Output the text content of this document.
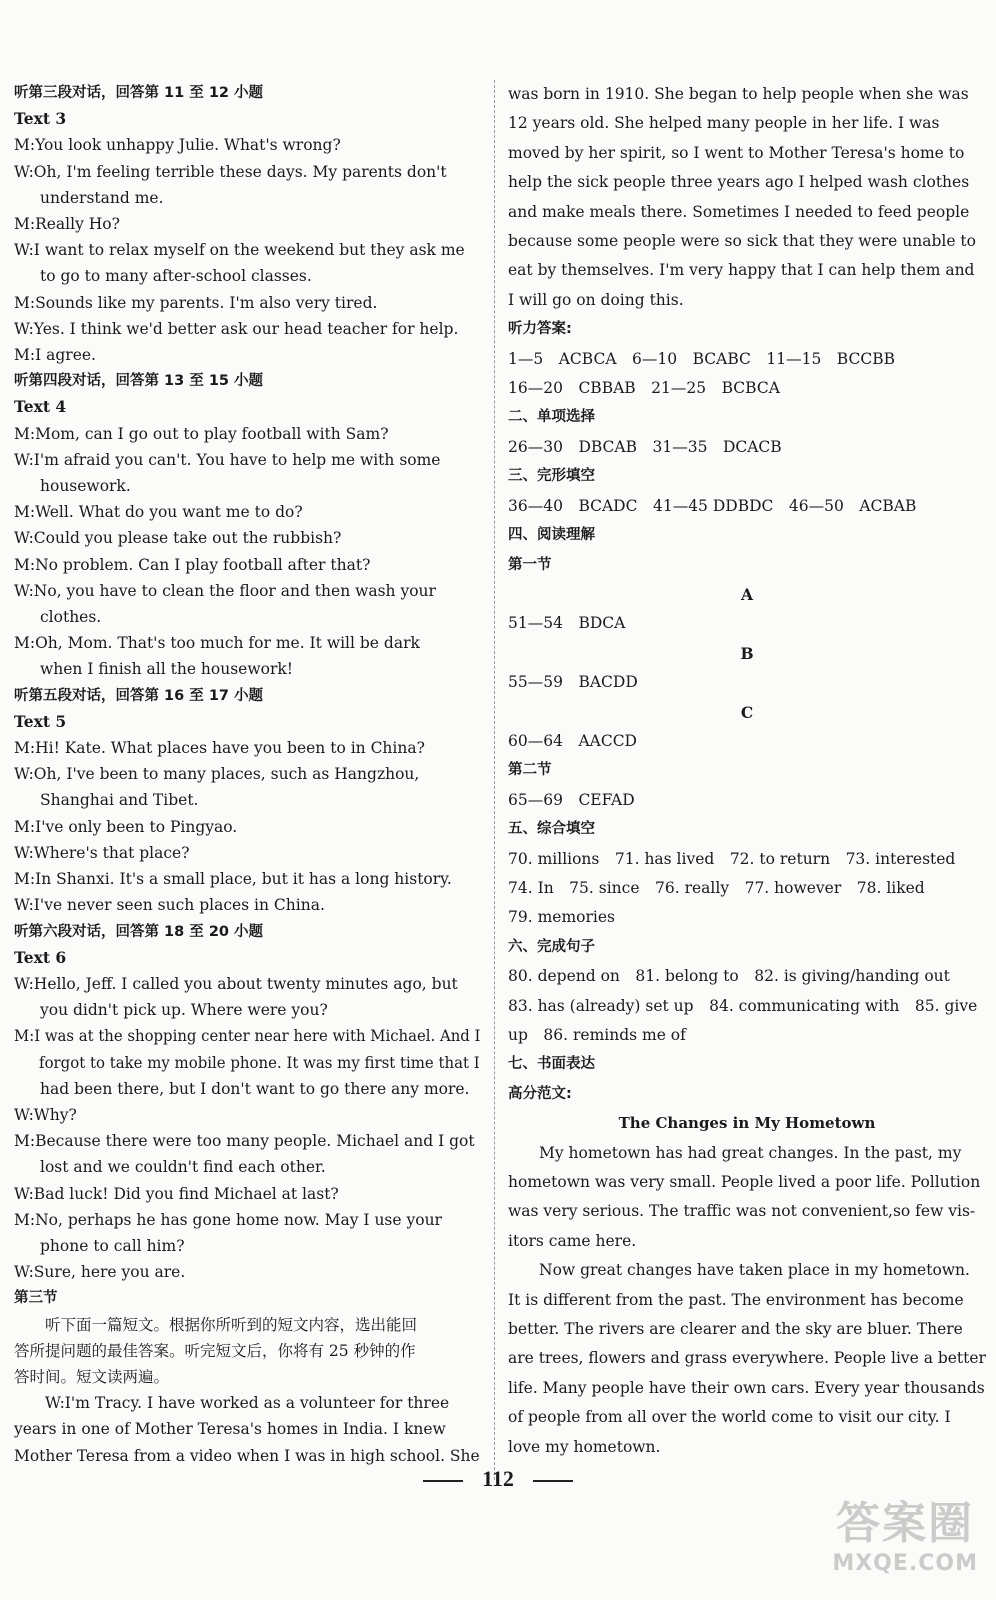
听第三段对话，回答第 11 至 12 小题
Text 3
M:You look unhappy Julie. What's wrong?
W:Oh, I'm feeling terrible these days. My parents don't
understand me.
M:Really Ho?
W:I want to relax myself on the weekend but they ask me
to go to many after-school classes.
M:Sounds like my parents. I'm also very tired.
W:Yes. I think we'd better ask our head teacher for help.
M:I agree.
听第四段对话，回答第 13 至 15 小题
Text 4
M:Mom, can I go out to play football with Sam?
W:I'm afraid you can't. You have to help me with some
housework.
M:Well. What do you want me to do?
W:Could you please take out the rubbish?
M:No problem. Can I play football after that?
W:No, you have to clean the floor and then wash your
clothes.
M:Oh, Mom. That's too much for me. It will be dark
when I finish all the housework!
听第五段对话，回答第 16 至 17 小题
Text 5
M:Hi! Kate. What places have you been to in China?
W:Oh, I've been to many places, such as Hangzhou,
Shanghai and Tibet.
M:I've only been to Pingyao.
W:Where's that place?
M:In Shanxi. It's a small place, but it has a long history.
W:I've never seen such places in China.
听第六段对话，回答第 18 至 20 小题
Text 6
W:Hello, Jeff. I called you about twenty minutes ago, but
you didn't pick up. Where were you?
M:I was at the shopping center near here with Michael. And I
forgot to take my mobile phone. It was my first time that I
had been there, but I don't want to go there any more.
W:Why?
M:Because there were too many people. Michael and I got
lost and we couldn't find each other.
W:Bad luck! Did you find Michael at last?
M:No, perhaps he has gone home now. May I use your
phone to call him?
W:Sure, here you are.
第三节
　　听下面一篇短文。根据你所听到的短文内容，选出能回
答所提问题的最佳答案。听完短文后，你将有 25 秒钟的作
答时间。短文读两遍。
　　W:I'm Tracy. I have worked as a volunteer for three
years in one of Mother Teresa's homes in India. I knew
Mother Teresa from a video when I was in high school. She
was born in 1910. She began to help people when she was
12 years old. She helped many people in her life. I was
moved by her spirit, so I went to Mother Teresa's home to
help the sick people three years ago I helped wash clothes
and make meals there. Sometimes I needed to feed people
because some people were so sick that they were unable to
eat by themselves. I'm very happy that I can help them and
I will go on doing this.
听力答案:
1—5　ACBCA　6—10　BCABC　11—15　BCCBB
16—20　CBBAB　21—25　BCBCA
二、单项选择
26—30　DBCAB　31—35　DCACB
三、完形填空
36—40　BCADC　41—45 DDBDC　46—50　ACBAB
四、阅读理解
第一节
A
51—54　BDCA
B
55—59　BACDD
C
60—64　AACCD
第二节
65—69　CEFAD
五、综合填空
70. millions　71. has lived　72. to return　73. interested
74. In　75. since　76. really　77. however　78. liked
79. memories
六、完成句子
80. depend on　81. belong to　82. is giving/handing out
83. has (already) set up　84. communicating with　85. give
up　86. reminds me of
七、书面表达
高分范文:
The Changes in My Hometown
　　My hometown has had great changes. In the past, my
hometown was very small. People lived a poor life. Pollution
was very serious. The traffic was not convenient,so few vis-
itors came here.
　　Now great changes have taken place in my hometown.
It is different from the past. The environment has become
better. The rivers are clearer and the sky are bluer. There
are trees, flowers and grass everywhere. People live a better
life. Many people have their own cars. Every year thousands
of people from all over the world come to visit our city. I
love my hometown.
112
答案圈
MXQE.COM
